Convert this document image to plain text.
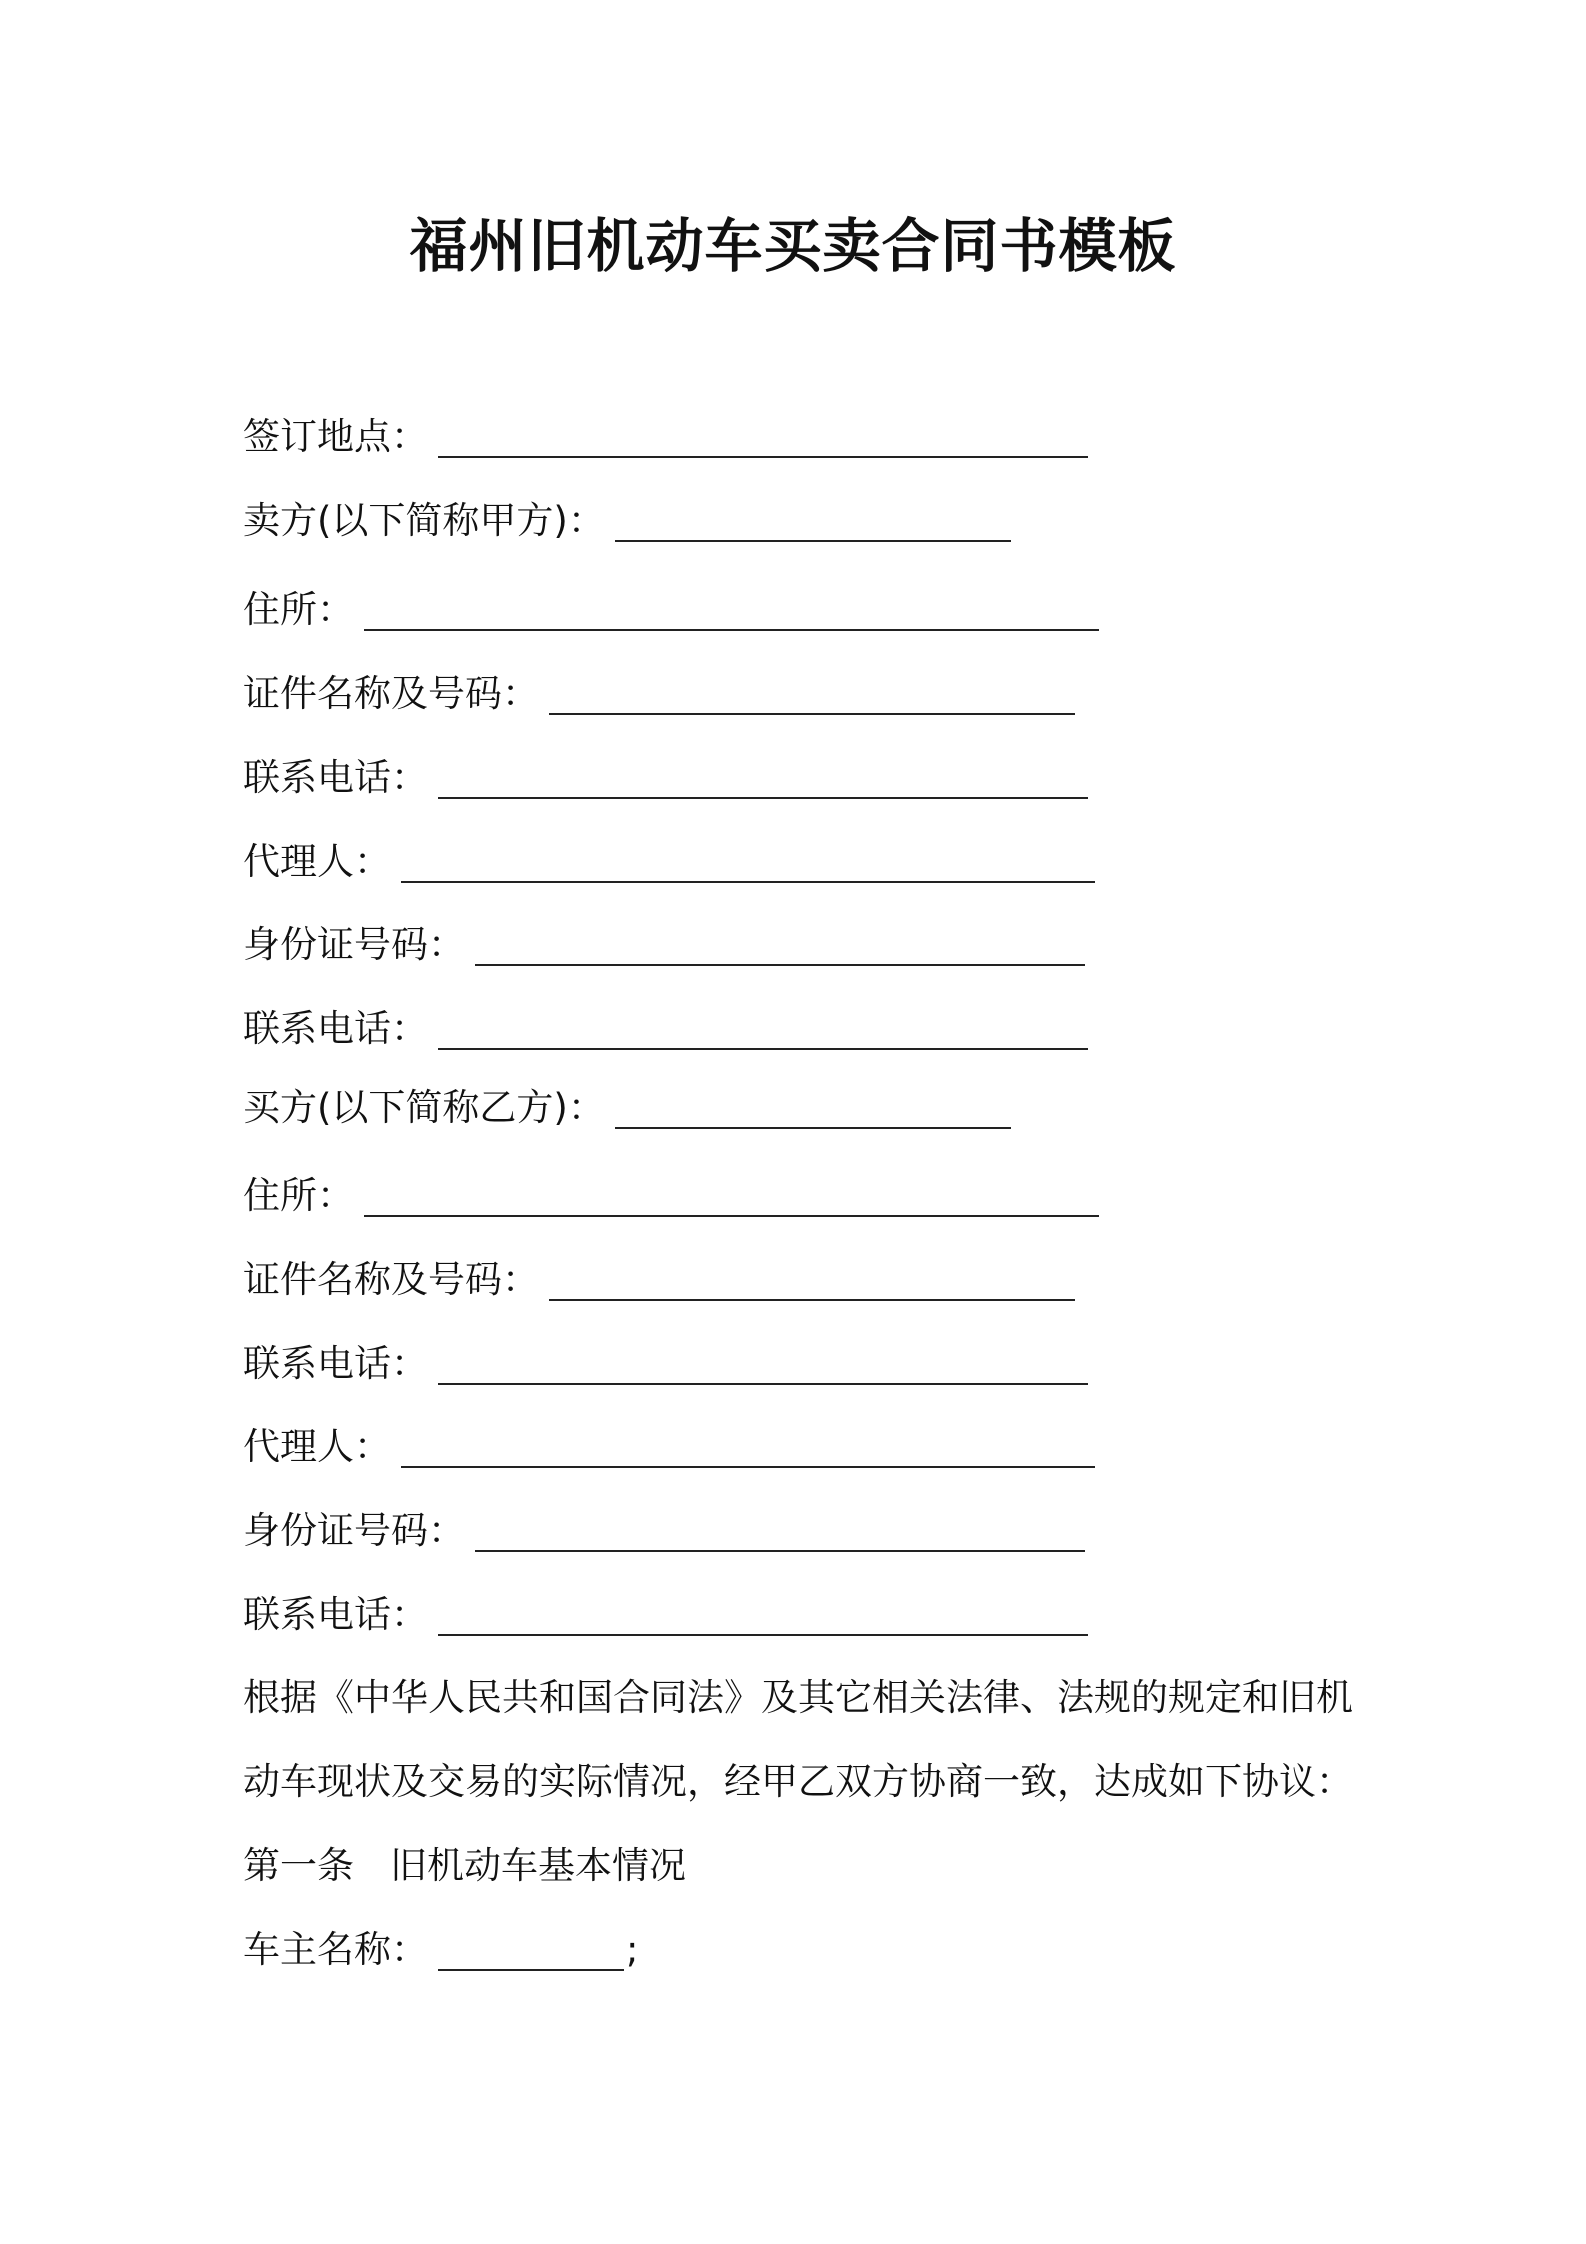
福州旧机动车买卖合同书模板
签订地点：
卖方(以下简称甲方)：
住所：
证件名称及号码：
联系电话：
代理人：
身份证号码：
联系电话：
买方(以下简称乙方)：
住所：
证件名称及号码：
联系电话：
代理人：
身份证号码：
联系电话：
根据《中华人民共和国合同法》及其它相关法律、法规的规定和旧机
动车现状及交易的实际情况，经甲乙双方协商一致，达成如下协议：
第一条 旧机动车基本情况
车主名称：	;
